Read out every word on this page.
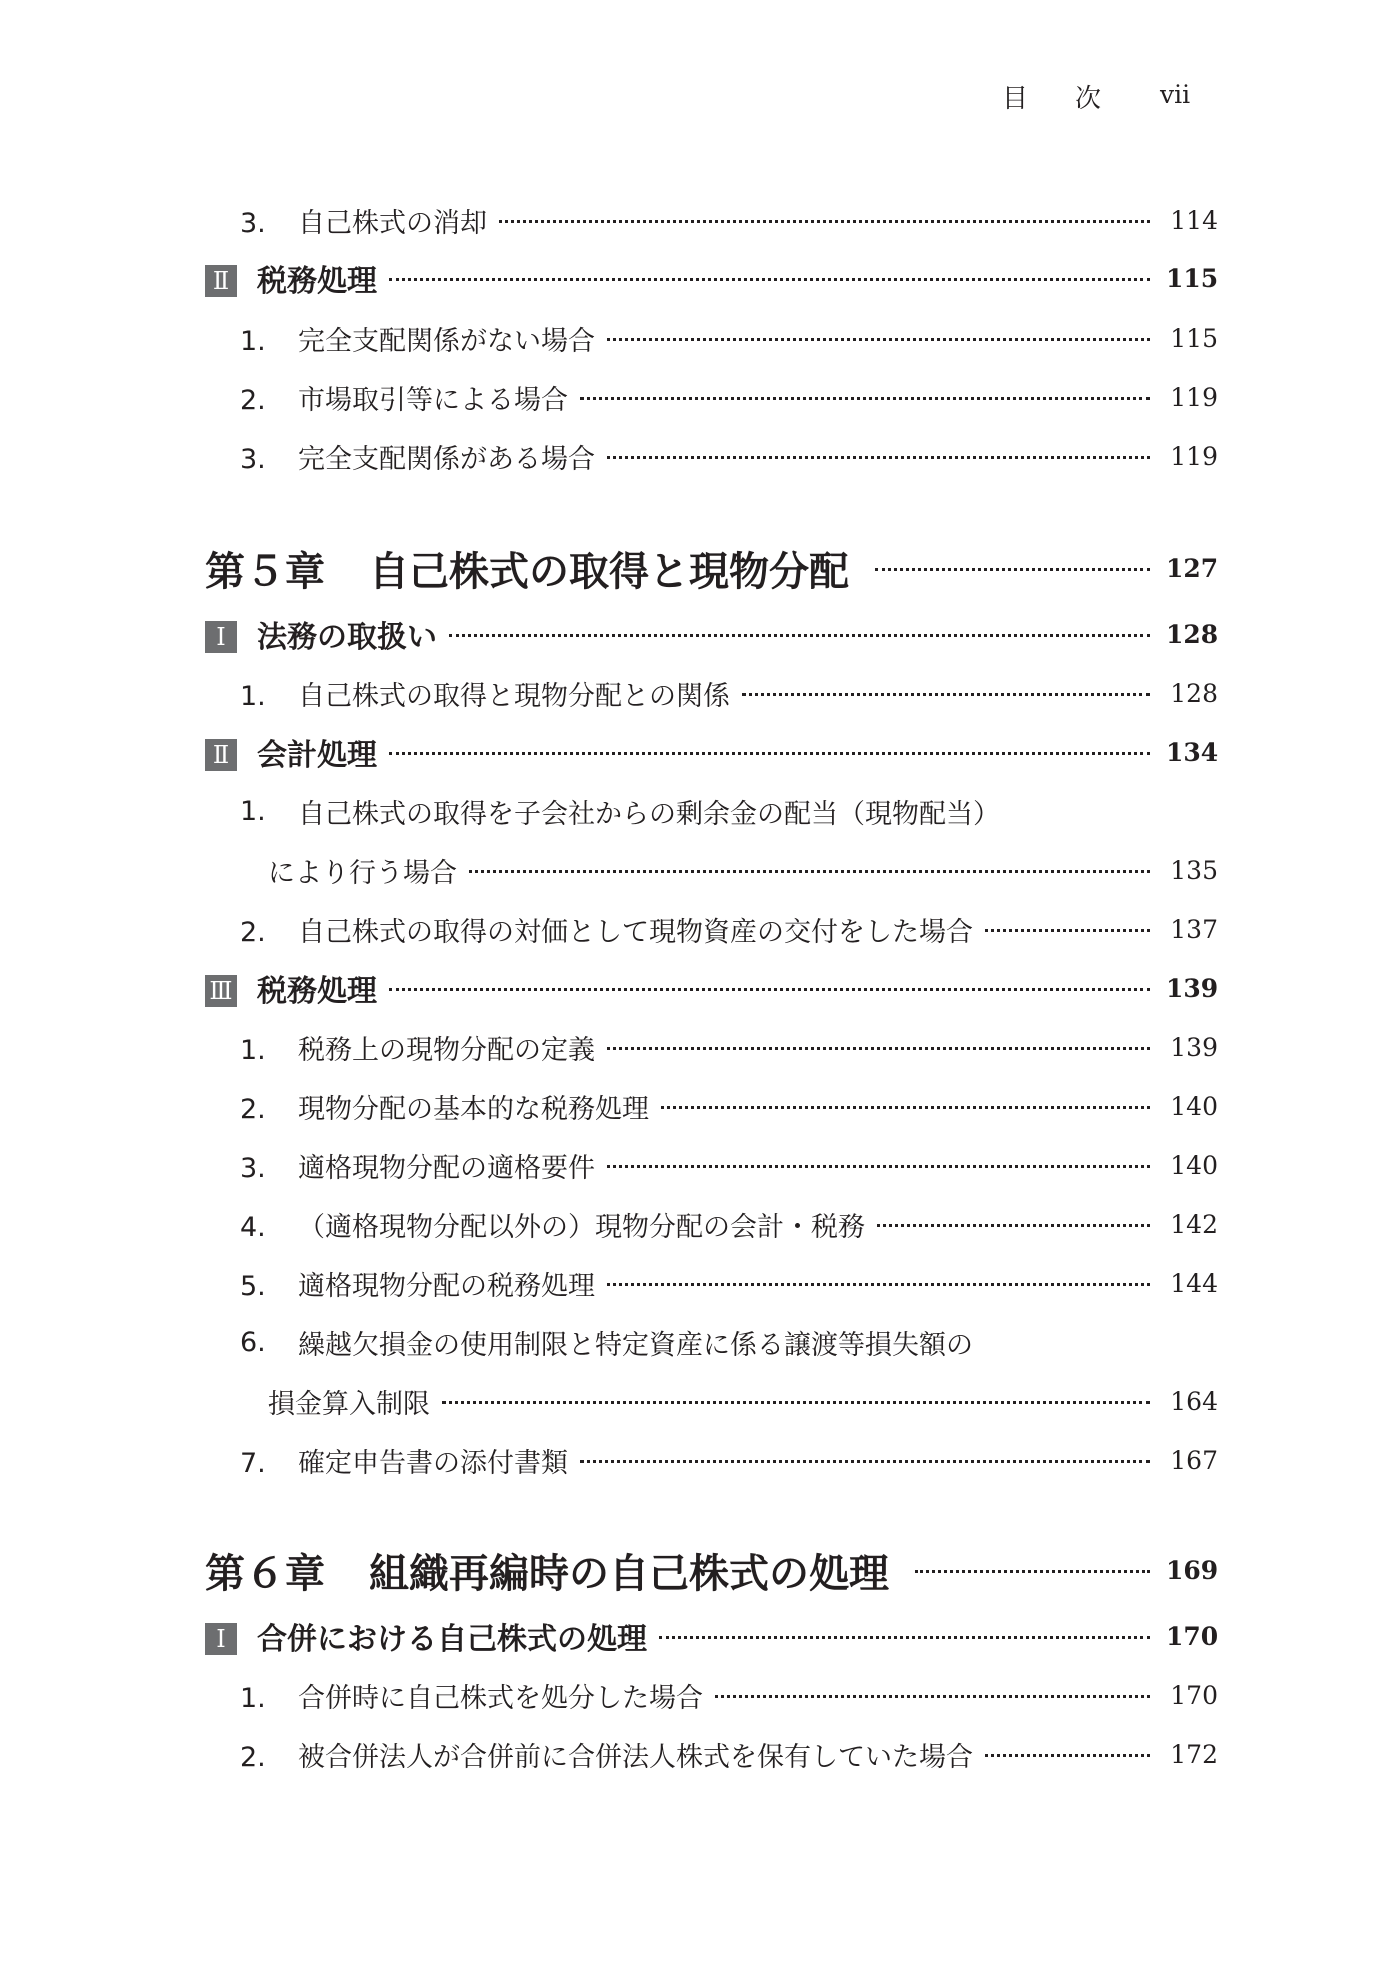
目次 vii
3. 自己株式の消却	114
Ⅱ 税務処理	115
1. 完全支配関係がない場合	115
2. 市場取引等による場合	119
3. 完全支配関係がある場合	119
第５章 自己株式の取得と現物分配	127
Ⅰ 法務の取扱い	128
1. 自己株式の取得と現物分配との関係	128
Ⅱ 会計処理	134
1.	自己株式の取得を子会社からの剰余金の配当（現物配当）
により行う場合	135
2. 自己株式の取得の対価として現物資産の交付をした場合	137
Ⅲ 税務処理	139
1. 税務上の現物分配の定義	139
2. 現物分配の基本的な税務処理	140
3. 適格現物分配の適格要件	140
4. （適格現物分配以外の）現物分配の会計・税務	142
5. 適格現物分配の税務処理	144
6.	繰越欠損金の使用制限と特定資産に係る譲渡等損失額の
損金算入制限	164
7. 確定申告書の添付書類	167
第６章 組織再編時の自己株式の処理	169
Ⅰ 合併における自己株式の処理	170
1. 合併時に自己株式を処分した場合	170
2. 被合併法人が合併前に合併法人株式を保有していた場合	172
